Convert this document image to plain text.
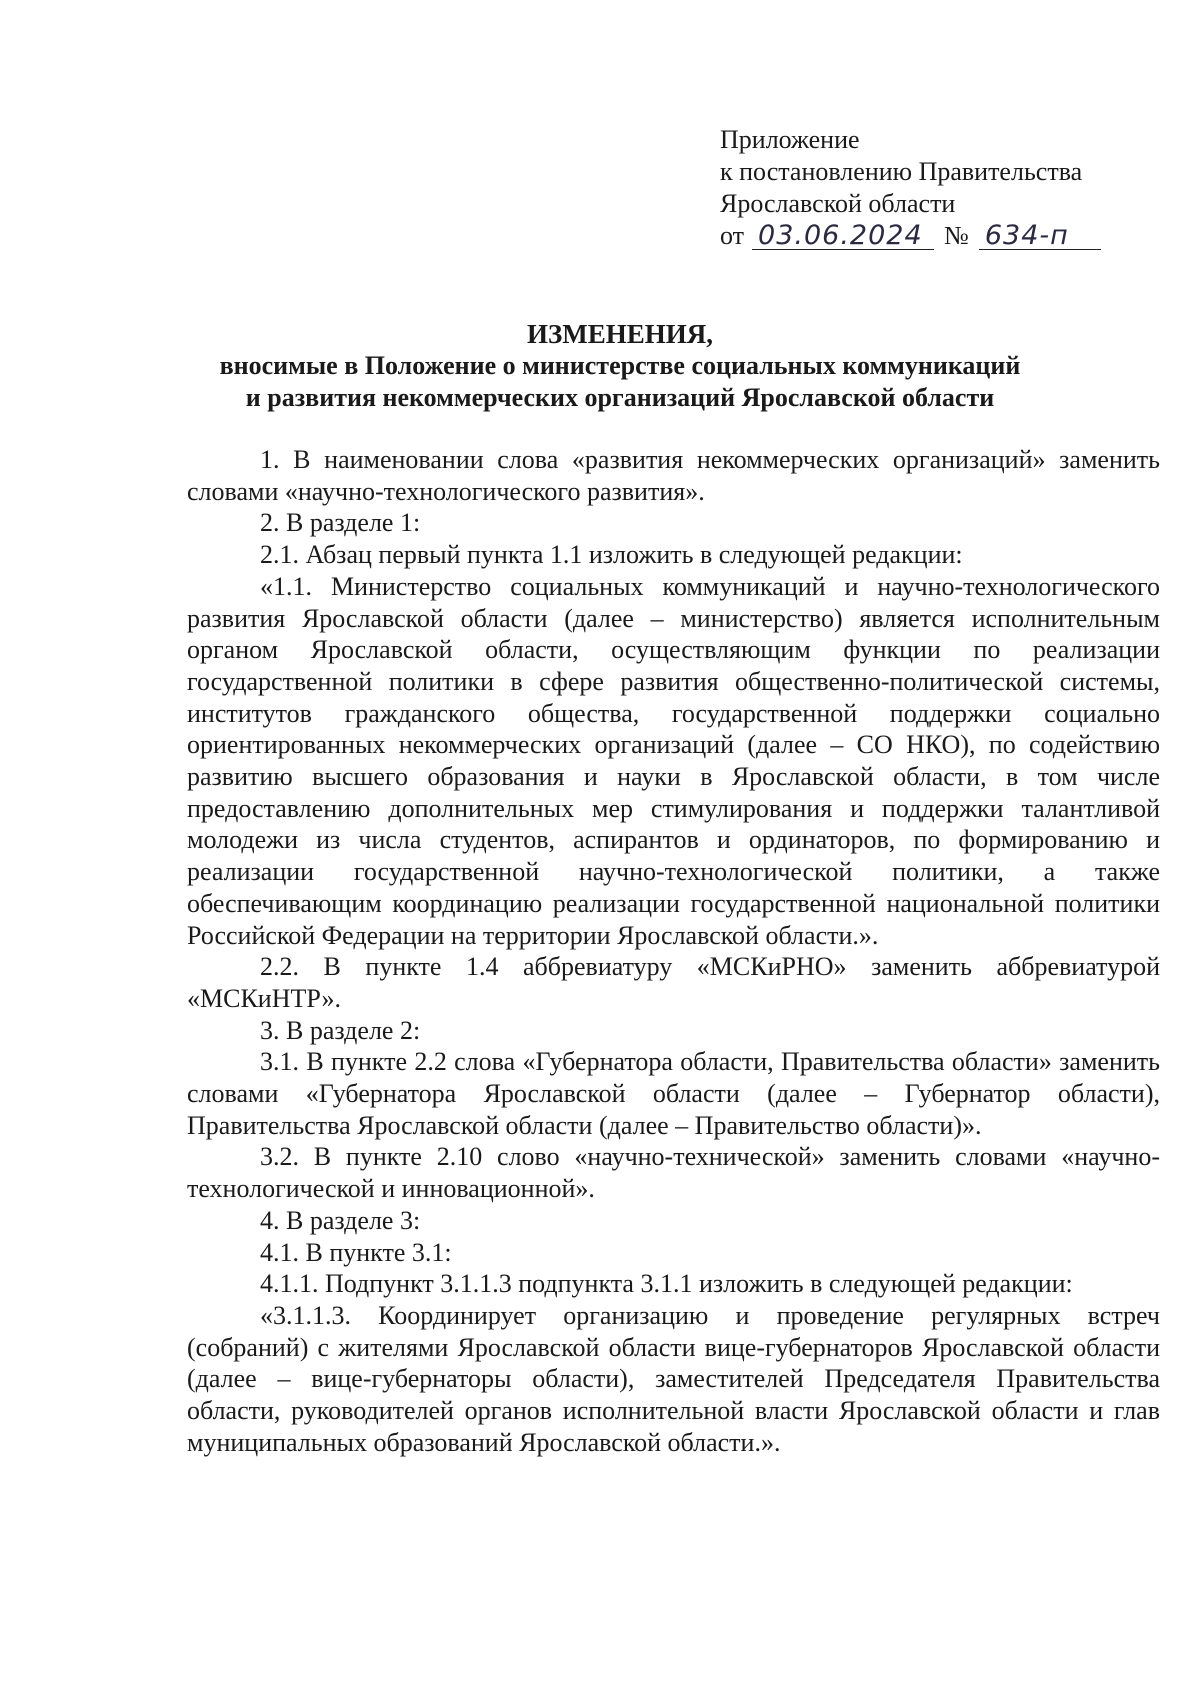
Приложение
к постановлению Правительства
Ярославской области
от 03.06.2024 № 634-п
ИЗМЕНЕНИЯ,
вносимые в Положение о министерстве социальных коммуникаций
и развития некоммерческих организаций Ярославской области

1. В наименовании слова «развития некоммерческих организаций» заменить словами «научно-технологического развития».

2. В разделе 1:

2.1. Абзац первый пункта 1.1 изложить в следующей редакции:

«1.1. Министерство социальных коммуникаций и научно-технологического развития Ярославской области (далее – министерство) является исполнительным органом Ярославской области, осуществляющим функции по реализации государственной политики в сфере развития общественно-политической системы, институтов гражданского общества, государственной поддержки социально ориентированных некоммерческих организаций (далее – СО НКО), по содействию развитию высшего образования и науки в Ярославской области, в том числе предоставлению дополнительных мер стимулирования и поддержки талантливой молодежи из числа студентов, аспирантов и ординаторов, по формированию и реализации государственной научно-технологической политики, а также обеспечивающим координацию реализации государственной национальной политики Российской Федерации на территории Ярославской области.».

2.2. В пункте 1.4 аббревиатуру «МСКиРНО» заменить аббревиатурой «МСКиНТР».

3. В разделе 2:

3.1. В пункте 2.2 слова «Губернатора области, Правительства области» заменить словами «Губернатора Ярославской области (далее – Губернатор области), Правительства Ярославской области (далее – Правительство области)».

3.2. В пункте 2.10 слово «научно-технической» заменить словами «научно-технологической и инновационной».

4. В разделе 3:

4.1. В пункте 3.1:

4.1.1. Подпункт 3.1.1.3 подпункта 3.1.1 изложить в следующей редакции:

«3.1.1.3. Координирует организацию и проведение регулярных встреч (собраний) с жителями Ярославской области вице-губернаторов Ярославской области (далее – вице-губернаторы области), заместителей Председателя Правительства области, руководителей органов исполнительной власти Ярославской области и глав муниципальных образований Ярославской области.».
